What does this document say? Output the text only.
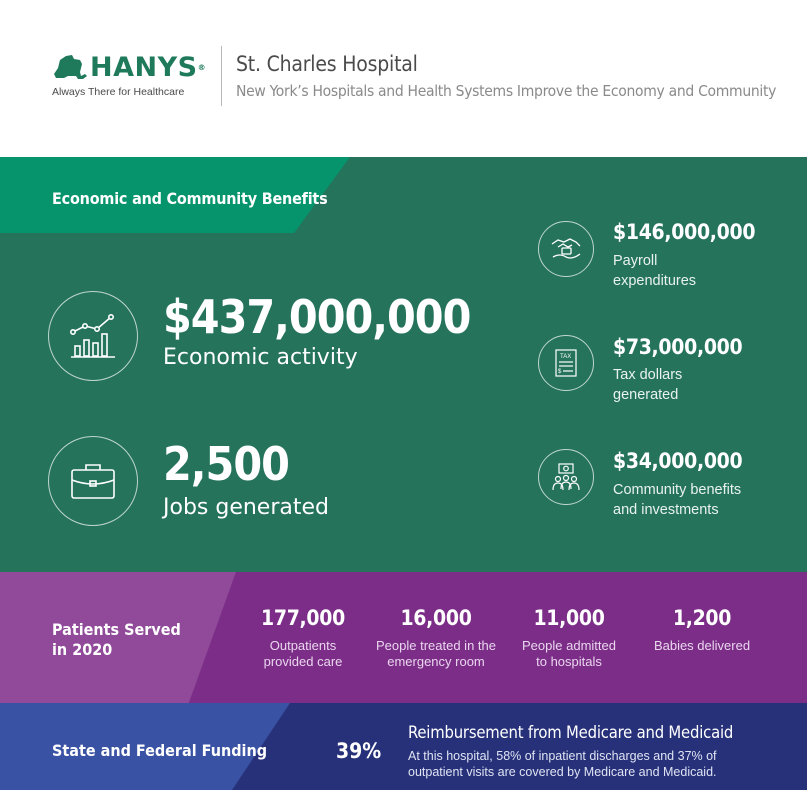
HANYS®
Always There for Healthcare
St. Charles Hospital
New York’s Hospitals and Health Systems Improve the Economy and Community
Economic and Community Benefits
$437,000,000
Economic activity
2,500
Jobs generated
$146,000,000
Payroll expenditures
TAX
$
$73,000,000
Tax dollars generated
$34,000,000
Community benefits and investments
Patients Served in 2020
177,000
Outpatients provided care
16,000
People treated in the emergency room
11,000
People admitted to hospitals
1,200
Babies delivered
State and Federal Funding	39%
Reimbursement from Medicare and Medicaid
At this hospital, 58% of inpatient discharges and 37% of outpatient visits are covered by Medicare and Medicaid.
